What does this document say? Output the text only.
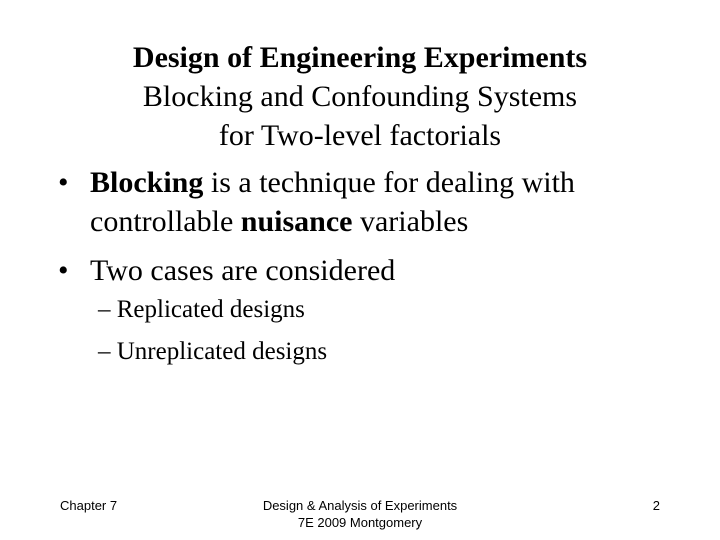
Design of Engineering Experiments
Blocking and Confounding Systems
for Two-level factorials
• Blocking is a technique for dealing with
controllable nuisance variables
• Two cases are considered
– Replicated designs
– Unreplicated designs
Chapter 7	Design & Analysis of Experiments
7E 2009 Montgomery
2
